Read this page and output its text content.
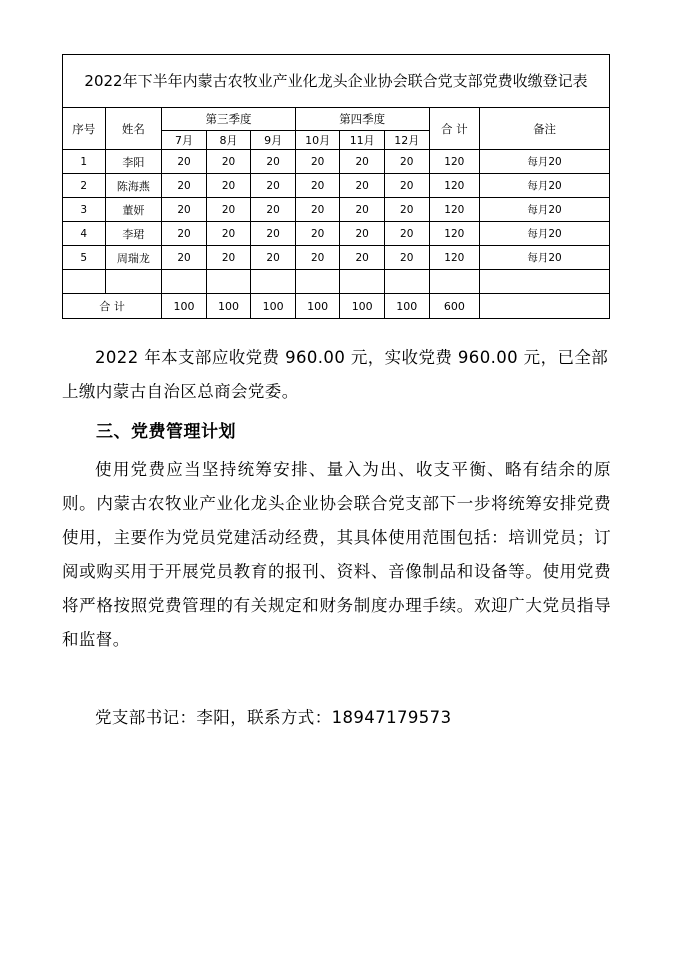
2022年下半年内蒙古农牧业产业化龙头企业协会联合党支部党费收缴登记表									
序号	姓名	第三季度			第四季度			合 计	备注
		7月	8月	9月	10月	11月	12月		
1	李阳	20	20	20	20	20	20	120	每月20
2	陈海燕	20	20	20	20	20	20	120	每月20
3	董妍	20	20	20	20	20	20	120	每月20
4	李珺	20	20	20	20	20	20	120	每月20
5	周瑞龙	20	20	20	20	20	20	120	每月20

合 计		100	100	100	100	100	100	600	

2022 年本支部应收党费 960.00 元，实收党费 960.00 元，已全部上缴内蒙古自治区总商会党委。

三、党费管理计划

使用党费应当坚持统筹安排、量入为出、收支平衡、略有结余的原则。内蒙古农牧业产业化龙头企业协会联合党支部下一步将统筹安排党费使用，主要作为党员党建活动经费，其具体使用范围包括：培训党员；订阅或购买用于开展党员教育的报刊、资料、音像制品和设备等。使用党费将严格按照党费管理的有关规定和财务制度办理手续。欢迎广大党员指导和监督。

党支部书记：李阳，联系方式：18947179573
